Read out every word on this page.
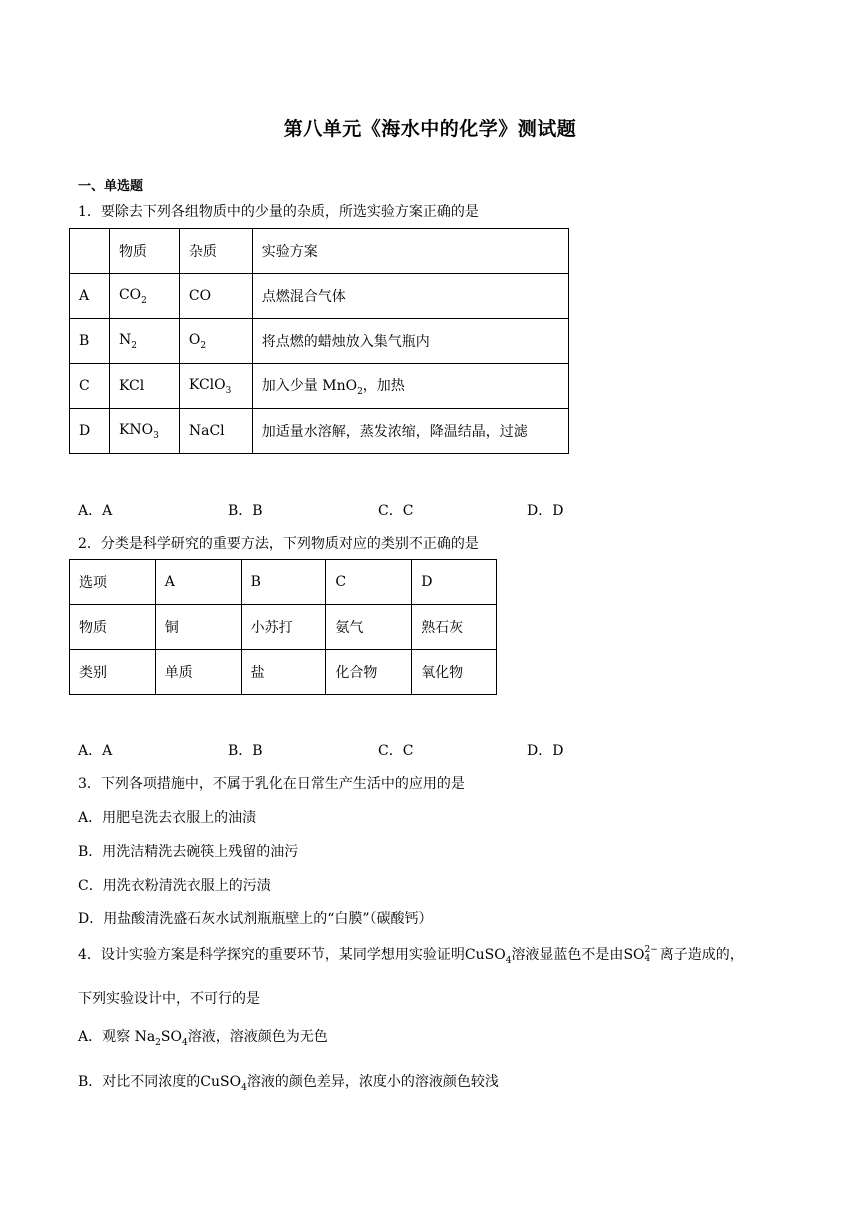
第八单元《海水中的化学》测试题
一、单选题
1．要除去下列各组物质中的少量的杂质，所选实验方案正确的是
	物质	杂质	实验方案
A	$CO_2$	CO	点燃混合气体
B	$N_2$	$O_2$	将点燃的蜡烛放入集气瓶内
C	KCl	KClO$_3$	加入少量 MnO$_2$，加热
D	$KNO_3$	NaCl	加适量水溶解，蒸发浓缩，降温结晶，过滤
A．A	B．B	C．C	D．D
2．分类是科学研究的重要方法，下列物质对应的类别不正确的是
选项	A	B	C	D
物质	铜	小苏打	氨气	熟石灰
类别	单质	盐	化合物	氧化物
A．A	B．B	C．C	D．D
3．下列各项措施中，不属于乳化在日常生产生活中的应用的是
A．用肥皂洗去衣服上的油渍
B．用洗洁精洗去碗筷上残留的油污
C．用洗衣粉清洗衣服上的污渍
D．用盐酸清洗盛石灰水试剂瓶瓶壁上的“白膜”（碳酸钙）
4．设计实验方案是科学探究的重要环节，某同学想用实验证明CuSO$_4$溶液显蓝色不是由SO 2−
4 离子造成的，
下列实验设计中，不可行的是
A．观察 $Na_2SO_4$溶液，溶液颜色为无色
B．对比不同浓度的CuSO$_4$溶液的颜色差异，浓度小的溶液颜色较浅
